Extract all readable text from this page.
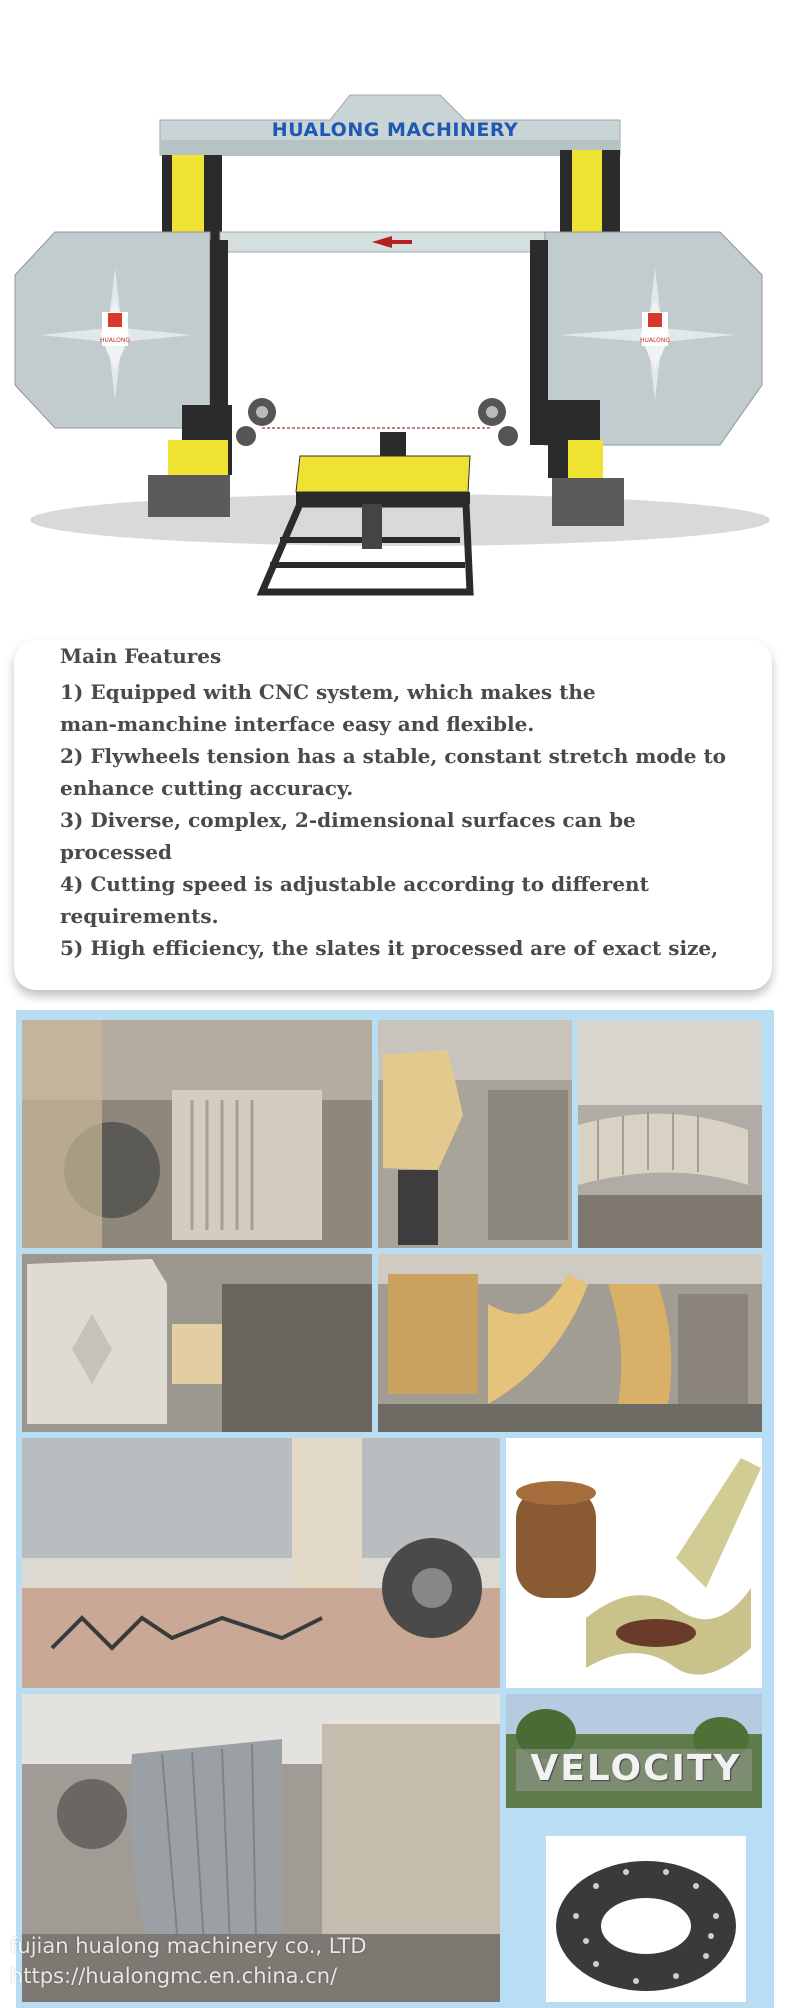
HUALONG MACHINERY
HUALONG	HUALONG
Main Features
1) Equipped with CNC system, which makes the
man-manchine interface easy and flexible.
2) Flywheels tension has a stable, constant stretch mode to
enhance cutting accuracy.
3) Diverse, complex, 2-dimensional surfaces can be
processed
4) Cutting speed is adjustable according to different
requirements.
5) High efficiency, the slates it processed are of exact size,
VELOCITY
fujian hualong machinery co., LTD
https://hualongmc.en.china.cn/
